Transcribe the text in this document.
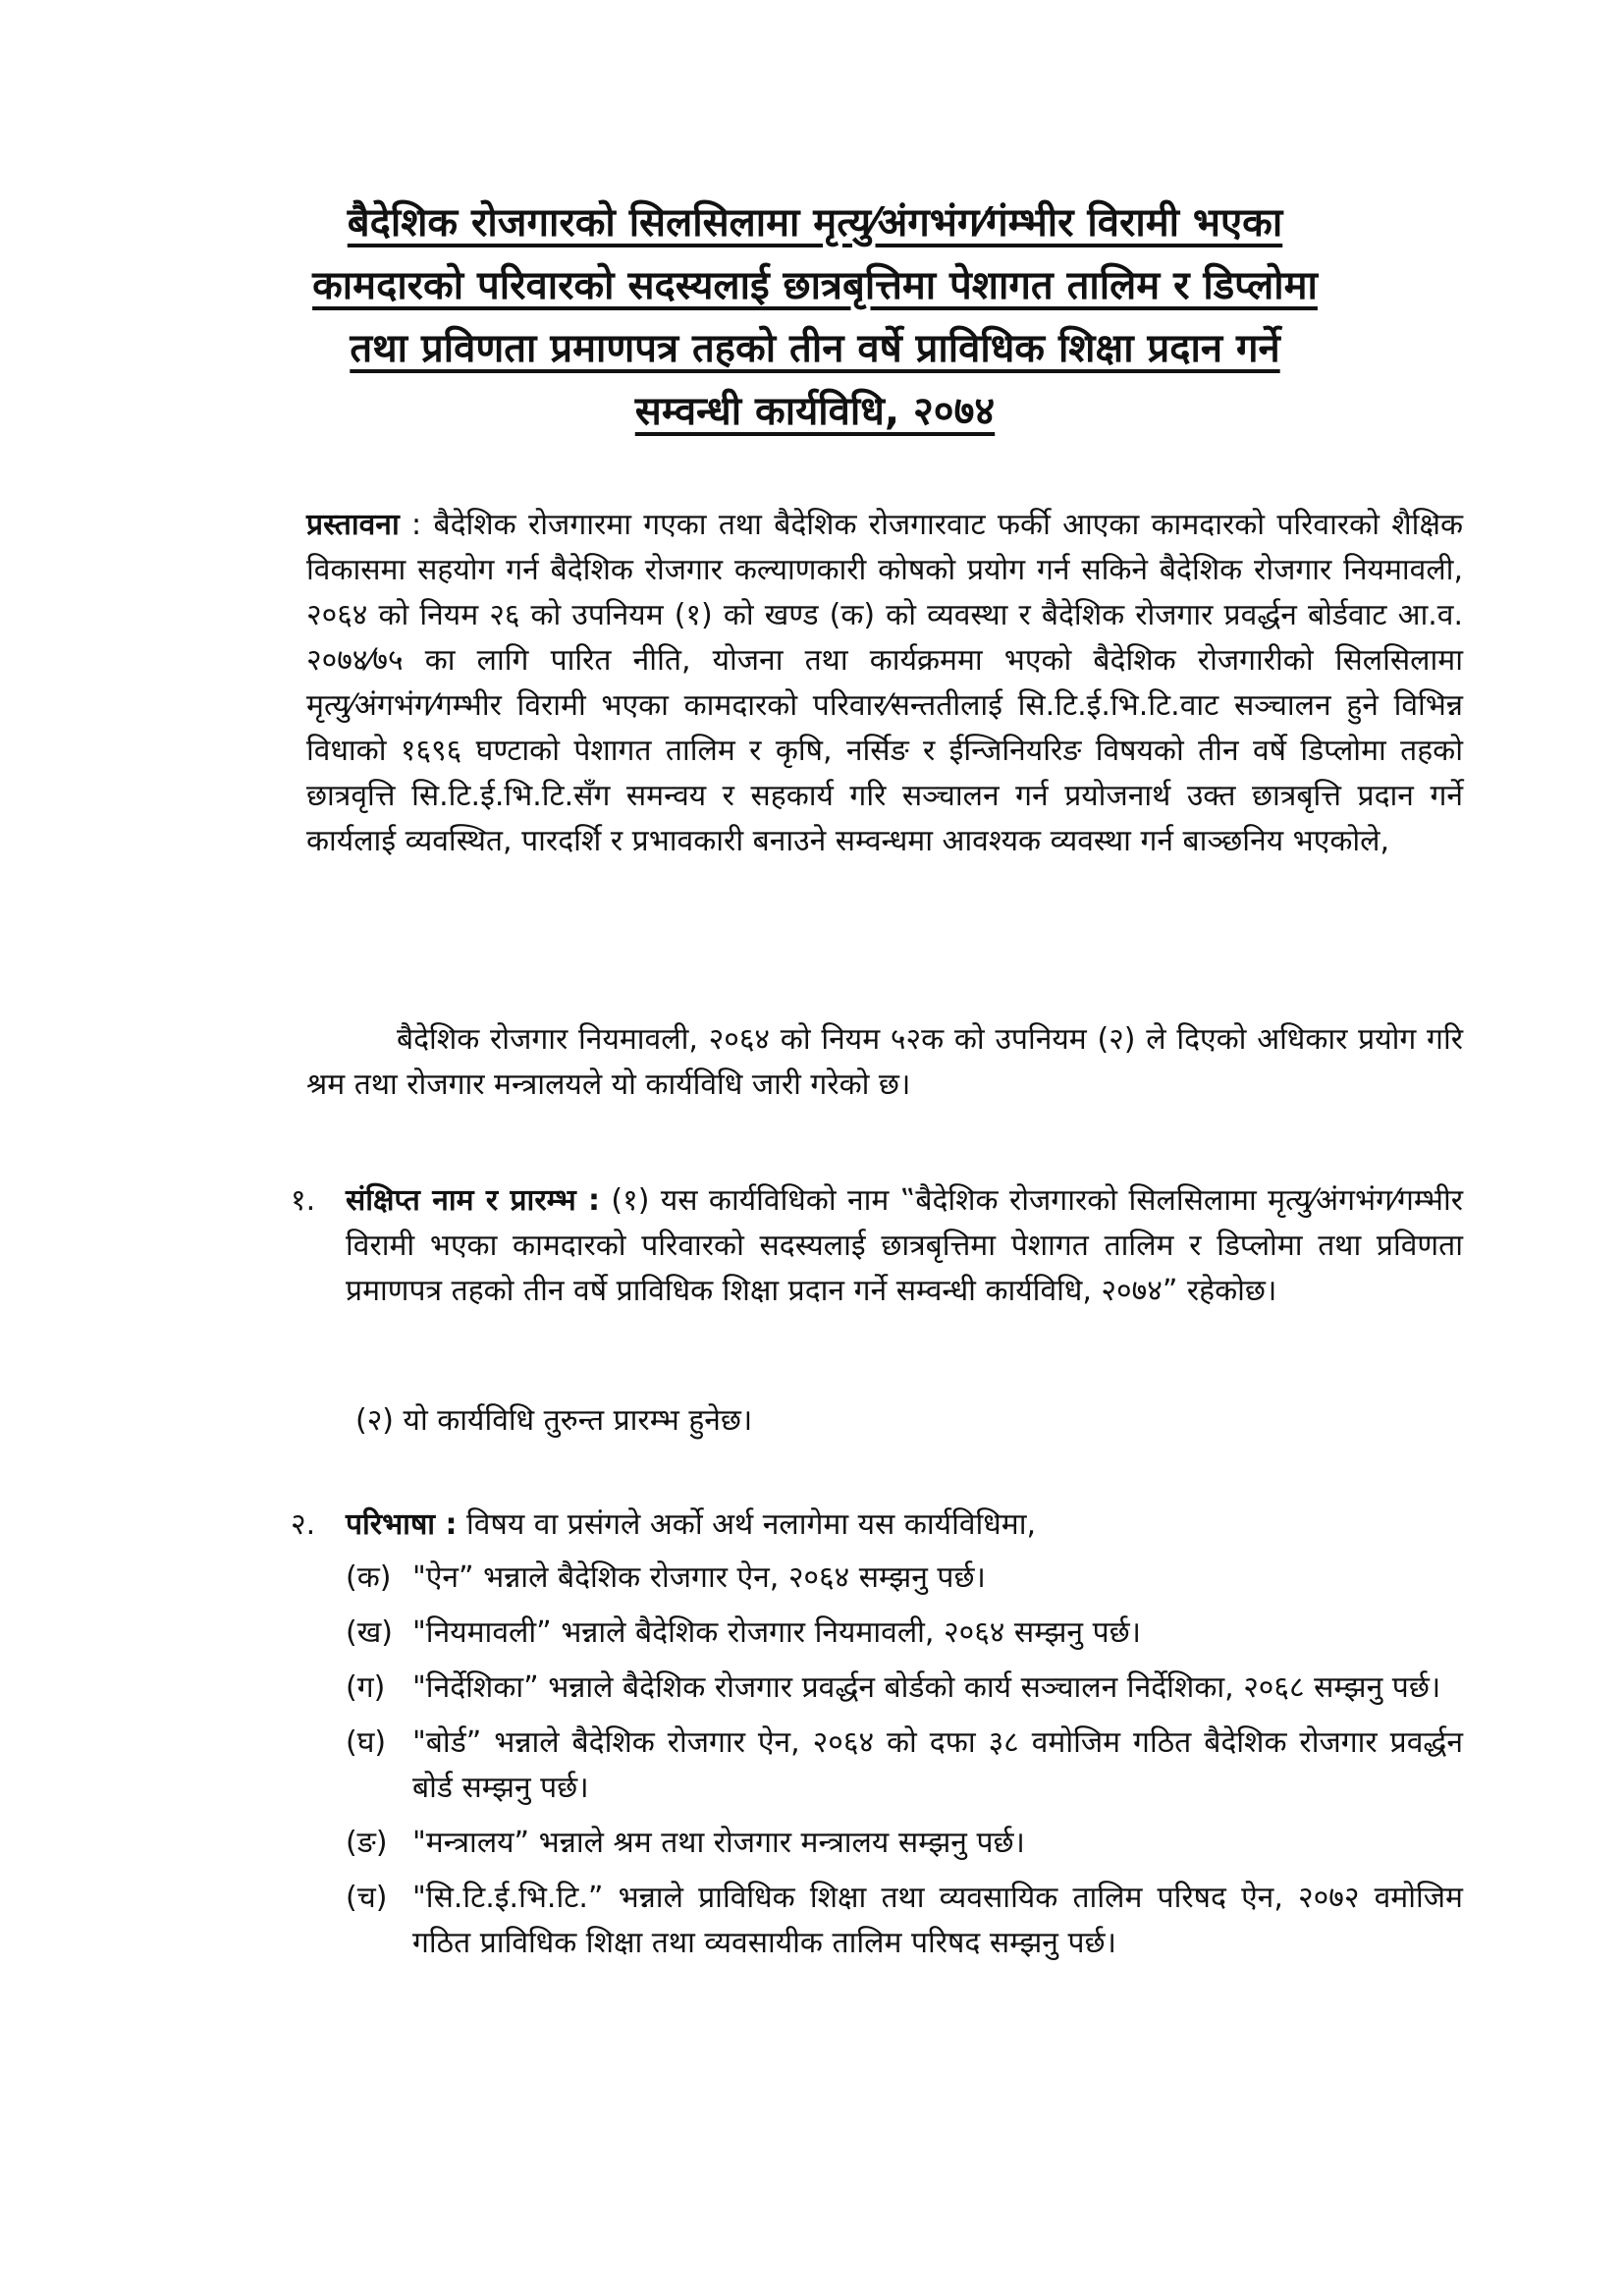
बैदेशिक रोजगारको सिलसिलामा मृत्यु⁄अंगभंग⁄गंम्भीर विरामी भएका कामदारको परिवारको सदस्यलाई छात्रबृत्तिमा पेशागत तालिम र डिप्लोमा तथा प्रविणता प्रमाणपत्र तहको तीन वर्षे प्राविधिक शिक्षा प्रदान गर्ने सम्वन्धी कार्यविधि, २०७४

प्रस्तावना : बैदेशिक रोजगारमा गएका तथा बैदेशिक रोजगारवाट फर्की आएका कामदारको परिवारको शैक्षिक विकासमा सहयोग गर्न बैदेशिक रोजगार कल्याणकारी कोषको प्रयोग गर्न सकिने बैदेशिक रोजगार नियमावली, २०६४ को नियम २६ को उपनियम (१) को खण्ड (क) को व्यवस्था र बैदेशिक रोजगार प्रवर्द्धन बोर्डवाट आ.व. २०७४⁄७५ का लागि पारित नीति, योजना तथा कार्यक्रममा भएको बैदेशिक रोजगारीको सिलसिलामा मृत्यु⁄अंगभंग⁄गम्भीर विरामी भएका कामदारको परिवार⁄सन्ततीलाई सि.टि.ई.भि.टि.वाट सञ्चालन हुने विभिन्न विधाको १६९६ घण्टाको पेशागत तालिम र कृषि, नर्सिङ र ईन्जिनियरिङ विषयको तीन वर्षे डिप्लोमा तहको छात्रवृत्ति सि.टि.ई.भि.टि.सँग समन्वय र सहकार्य गरि सञ्चालन गर्न प्रयोजनार्थ उक्त छात्रबृत्ति प्रदान गर्ने कार्यलाई व्यवस्थित, पारदर्शि र प्रभावकारी बनाउने सम्वन्धमा आवश्यक व्यवस्था गर्न बाञ्छनिय भएकोले,

बैदेशिक रोजगार नियमावली, २०६४ को नियम ५२क को उपनियम (२) ले दिएको अधिकार प्रयोग गरि श्रम तथा रोजगार मन्त्रालयले यो कार्यविधि जारी गरेको छ।

१. संक्षिप्त नाम र प्रारम्भ : (१) यस कार्यविधिको नाम ‟बैदेशिक रोजगारको सिलसिलामा मृत्यु⁄अंगभंग⁄गम्भीर विरामी भएका कामदारको परिवारको सदस्यलाई छात्रबृत्तिमा पेशागत तालिम र डिप्लोमा तथा प्रविणता प्रमाणपत्र तहको तीन वर्षे प्राविधिक शिक्षा प्रदान गर्ने सम्वन्धी कार्यविधि, २०७४” रहेकोछ।

(२) यो कार्यविधि तुरुन्त प्रारम्भ हुनेछ।

२. परिभाषा : विषय वा प्रसंगले अर्को अर्थ नलागेमा यस कार्यविधिमा,

(क) "ऐन” भन्नाले बैदेशिक रोजगार ऐन, २०६४ सम्झनु पर्छ।
(ख) "नियमावली” भन्नाले बैदेशिक रोजगार नियमावली, २०६४ सम्झनु पर्छ।
(ग) "निर्देशिका” भन्नाले बैदेशिक रोजगार प्रवर्द्धन बोर्डको कार्य सञ्चालन निर्देशिका, २०६८ सम्झनु पर्छ।
(घ) "बोर्ड” भन्नाले बैदेशिक रोजगार ऐन, २०६४ को दफा ३८ वमोजिम गठित बैदेशिक रोजगार प्रवर्द्धन बोर्ड सम्झनु पर्छ।
(ङ) "मन्त्रालय” भन्नाले श्रम तथा रोजगार मन्त्रालय सम्झनु पर्छ।
(च) "सि.टि.ई.भि.टि.” भन्नाले प्राविधिक शिक्षा तथा व्यवसायिक तालिम परिषद ऐन, २०७२ वमोजिम गठित प्राविधिक शिक्षा तथा व्यवसायीक तालिम परिषद सम्झनु पर्छ।
